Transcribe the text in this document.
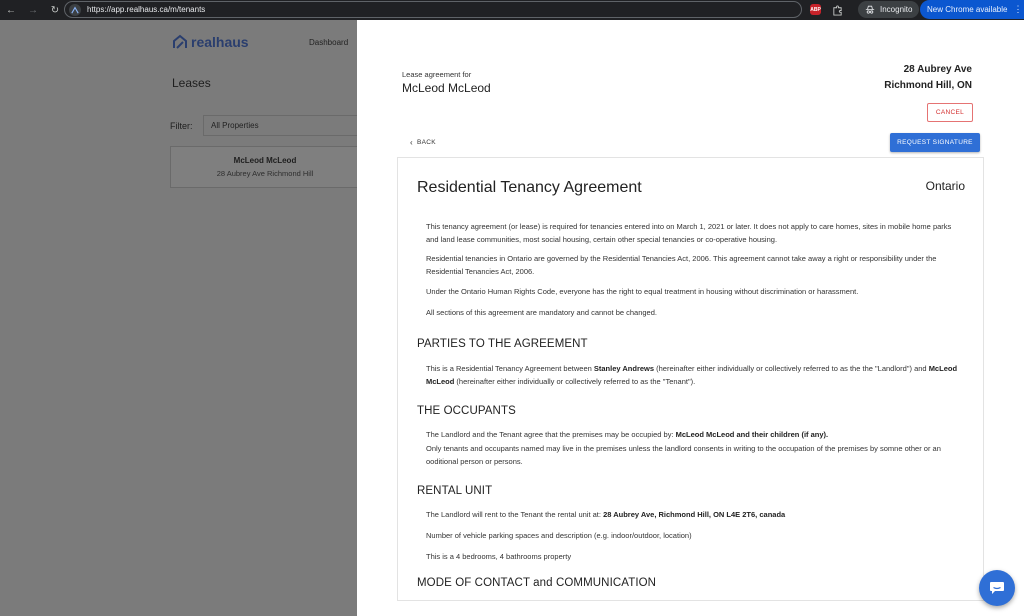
←	→	↻	https://app.realhaus.ca/m/tenants	ABP	Incognito New Chrome available ⋮
realhaus	Dashboard
Leases
Filter:	All Properties
McLeod McLeod
28 Aubrey Ave Richmond Hill
Lease agreement for
McLeod McLeod
28 Aubrey Ave
Richmond Hill, ON
CANCEL
‹ BACK	REQUEST SIGNATURE
Residential Tenancy Agreement	Ontario
This tenancy agreement (or lease) is required for tenancies entered into on March 1, 2021 or later. It does not apply to care homes, sites in mobile home parks and land lease communities, most social housing, certain other special tenancies or co-operative housing.
Residential tenancies in Ontario are governed by the Residential Tenancies Act, 2006. This agreement cannot take away a right or responsibility under the Residential Tenancies Act, 2006.
Under the Ontario Human Rights Code, everyone has the right to equal treatment in housing without discrimination or harassment.
All sections of this agreement are mandatory and cannot be changed.
PARTIES TO THE AGREEMENT
This is a Residential Tenancy Agreement between Stanley Andrews (hereinafter either individually or collectively referred to as the the "Landlord") and McLeod McLeod (hereinafter either individually or collectively referred to as the "Tenant").
THE OCCUPANTS
The Landlord and the Tenant agree that the premises may be occupied by: McLeod McLeod and their children (if any).
Only tenants and occupants named may live in the premises unless the landlord consents in writing to the occupation of the premises by somne other or an ooditional person or persons.
RENTAL UNIT
The Landlord will rent to the Tenant the rental unit at: 28 Aubrey Ave, Richmond Hill, ON L4E 2T6, canada
Number of vehicle parking spaces and description (e.g. indoor/outdoor, location)
This is a 4 bedrooms, 4 bathrooms property
MODE OF CONTACT and COMMUNICATION
